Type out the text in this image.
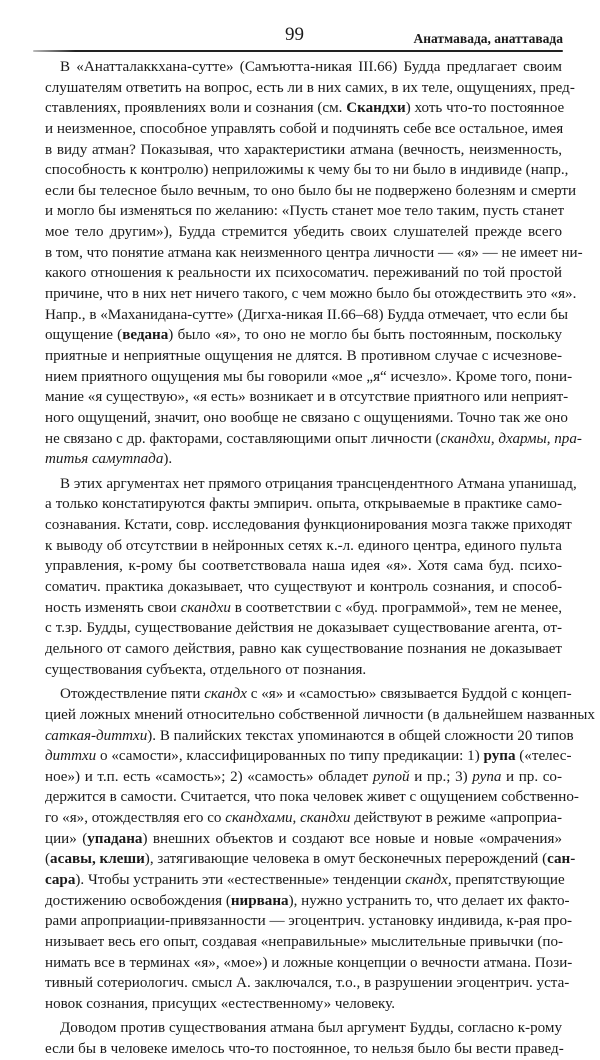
99	Анатмавада, анаттавада
В «Анатталаккхана-сутте» (Самъютта-никая III.66) Будда предлагает своим
слушателям ответить на вопрос, есть ли в них самих, в их теле, ощущениях, пред-
ставлениях, проявлениях воли и сознания (см. Скандхи) хоть что-то постоянное
и неизменное, способное управлять собой и подчинять себе все остальное, имея
в виду атман? Показывая, что характеристики атмана (вечность, неизменность,
способность к контролю) неприложимы к чему бы то ни было в индивиде (напр.,
если бы телесное было вечным, то оно было бы не подвержено болезням и смерти
и могло бы изменяться по желанию: «Пусть станет мое тело таким, пусть станет
мое тело другим»), Будда стремится убедить своих слушателей прежде всего
в том, что понятие атмана как неизменного центра личности — «я» — не имеет ни-
какого отношения к реальности их психосоматич. переживаний по той простой
причине, что в них нет ничего такого, с чем можно было бы отождествить это «я».
Напр., в «Маханидана-сутте» (Дигха-никая II.66–68) Будда отмечает, что если бы
ощущение (ведана) было «я», то оно не могло бы быть постоянным, поскольку
приятные и неприятные ощущения не длятся. В противном случае с исчезнове-
нием приятного ощущения мы бы говорили «мое „я“ исчезло». Кроме того, пони-
мание «я существую», «я есть» возникает и в отсутствие приятного или неприят-
ного ощущений, значит, оно вообще не связано с ощущениями. Точно так же оно
не связано с др. факторами, составляющими опыт личности (скандхи, дхармы, пра-
титья самутпада).
В этих аргументах нет прямого отрицания трансцендентного Атмана упанишад,
а только констатируются факты эмпирич. опыта, открываемые в практике само-
сознавания. Кстати, совр. исследования функционирования мозга также приходят
к выводу об отсутствии в нейронных сетях к.-л. единого центра, единого пульта
управления, к-рому бы соответствовала наша идея «я». Хотя сама буд. психо-
соматич. практика доказывает, что существуют и контроль сознания, и способ-
ность изменять свои скандхи в соответствии с «буд. программой», тем не менее,
с т.зр. Будды, существование действия не доказывает существование агента, от-
дельного от самого действия, равно как существование познания не доказывает
существования субъекта, отдельного от познания.
Отождествление пяти скандх с «я» и «самостью» связывается Буддой с концеп-
цией ложных мнений относительно собственной личности (в дальнейшем названных
саткая-диттхи). В палийских текстах упоминаются в общей сложности 20 типов
диттхи о «самости», классифицированных по типу предикации: 1) рупа («телес-
ное») и т.п. есть «самость»; 2) «самость» обладет рупой и пр.; 3) рупа и пр. со-
держится в самости. Считается, что пока человек живет с ощущением собственно-
го «я», отождествляя его со скандхами, скандхи действуют в режиме «апроприа-
ции» (упадана) внешних объектов и создают все новые и новые «омрачения»
(асавы, клеши), затягивающие человека в омут бесконечных перерождений (сан-
сара). Чтобы устранить эти «естественные» тенденции скандх, препятствующие
достижению освобождения (нирвана), нужно устранить то, что делает их факто-
рами апроприации-привязанности — эгоцентрич. установку индивида, к-рая про-
низывает весь его опыт, создавая «неправильные» мыслительные привычки (по-
нимать все в терминах «я», «мое») и ложные концепции о вечности атмана. Пози-
тивный сотериологич. смысл А. заключался, т.о., в разрушении эгоцентрич. уста-
новок сознания, присущих «естественному» человеку.
Доводом против существования атмана был аргумент Будды, согласно к-рому
если бы в человеке имелось что-то постоянное, то нельзя было бы вести правед-
